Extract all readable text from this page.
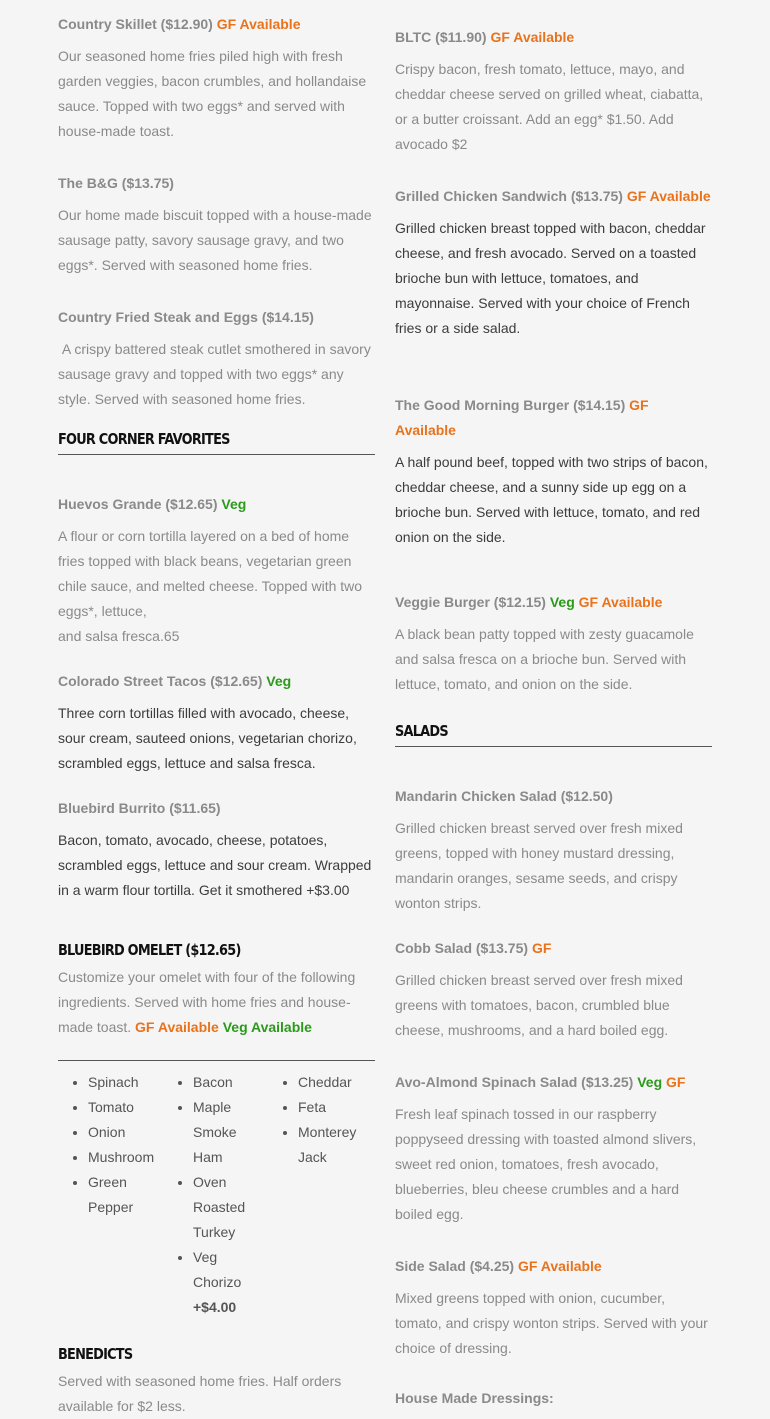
Country Skillet ($12.90) GF Available
Our seasoned home fries piled high with fresh garden veggies, bacon crumbles, and hollandaise sauce. Topped with two eggs* and served with house-made toast.
The B&G ($13.75)
Our home made biscuit topped with a house-made sausage patty, savory sausage gravy, and two eggs*. Served with seasoned home fries.
Country Fried Steak and Eggs ($14.15)
A crispy battered steak cutlet smothered in savory sausage gravy and topped with two eggs* any style. Served with seasoned home fries.
FOUR CORNER FAVORITES
Huevos Grande ($12.65) Veg
A flour or corn tortilla layered on a bed of home fries topped with black beans, vegetarian green chile sauce, and melted cheese. Topped with two eggs*, lettuce,
and salsa fresca.65
Colorado Street Tacos ($12.65) Veg
Three corn tortillas filled with avocado, cheese, sour cream, sauteed onions, vegetarian chorizo, scrambled eggs, lettuce and salsa fresca.
Bluebird Burrito ($11.65)
Bacon, tomato, avocado, cheese, potatoes, scrambled eggs, lettuce and sour cream. Wrapped in a warm flour tortilla. Get it smothered +$3.00
BLUEBIRD OMELET ($12.65)
Customize your omelet with four of the following ingredients. Served with home fries and house-made toast. GF Available Veg Available
• Spinach
• Tomato
• Onion
• Mushroom
• Green Pepper
• Bacon
• Maple Smoke Ham
• Oven Roasted Turkey
• Veg Chorizo
+$4.00
• Cheddar
• Feta
• Monterey Jack
BENEDICTS
Served with seasoned home fries. Half orders available for $2 less.
BLTC ($11.90) GF Available
Crispy bacon, fresh tomato, lettuce, mayo, and cheddar cheese served on grilled wheat, ciabatta, or a butter croissant. Add an egg* $1.50. Add avocado $2
Grilled Chicken Sandwich ($13.75) GF Available
Grilled chicken breast topped with bacon, cheddar cheese, and fresh avocado. Served on a toasted brioche bun with lettuce, tomatoes, and mayonnaise. Served with your choice of French fries or a side salad.
The Good Morning Burger ($14.15) GF Available
A half pound beef, topped with two strips of bacon, cheddar cheese, and a sunny side up egg on a brioche bun. Served with lettuce, tomato, and red onion on the side.
Veggie Burger ($12.15) Veg GF Available
A black bean patty topped with zesty guacamole and salsa fresca on a brioche bun. Served with lettuce, tomato, and onion on the side.
SALADS
Mandarin Chicken Salad ($12.50)
Grilled chicken breast served over fresh mixed greens, topped with honey mustard dressing, mandarin oranges, sesame seeds, and crispy wonton strips.
Cobb Salad ($13.75) GF
Grilled chicken breast served over fresh mixed greens with tomatoes, bacon, crumbled blue cheese, mushrooms, and a hard boiled egg.
Avo-Almond Spinach Salad ($13.25) Veg GF
Fresh leaf spinach tossed in our raspberry poppyseed dressing with toasted almond slivers, sweet red onion, tomatoes, fresh avocado, blueberries, bleu cheese crumbles and a hard boiled egg.
Side Salad ($4.25) GF Available
Mixed greens topped with onion, cucumber, tomato, and crispy wonton strips. Served with your choice of dressing.
House Made Dressings:
